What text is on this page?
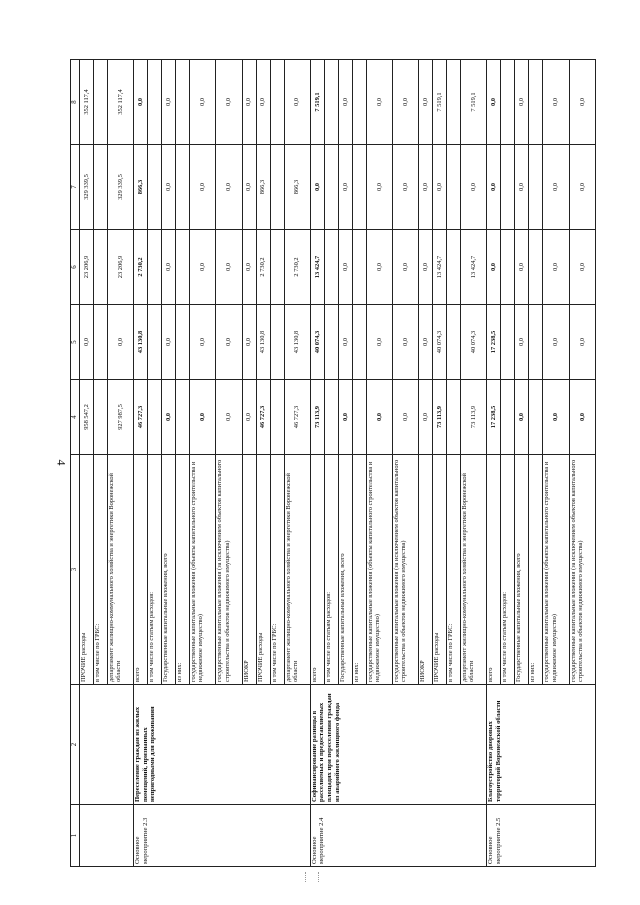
4
1	2	3	4	5	6	7	8
		ПРОЧИЕ расходы	958 547,2	0,0	23 206,9	329 339,5	352 117,4
		в том числе по ГРБС:					
		департамент жилищно-коммунального хозяйства и энергетики Воронежской области	927 987,5	0,0	23 206,9	329 339,5	352 117,4
Основное мероприятие 2.3	Переселение граждан из жилых помещений, признанных непригодными для проживания	всего	46 727,3	43 130,8	2 730,2	866,3	0,0
		в том числе по статьям расходов:					
		Государственные капитальные вложения, всего	0,0	0,0	0,0	0,0	0,0
		из них:					
		государственные капитальные вложения (объекты капитального строительства и недвижимое имущество)	0,0	0,0	0,0	0,0	0,0
		государственные капитальные вложения (за исключением объектов капитального строительства и объектов недвижимого имущества)	0,0	0,0	0,0	0,0	0,0
		НИОКР	0,0	0,0	0,0	0,0	0,0
		ПРОЧИЕ расходы	46 727,3	43 130,8	2 730,2	866,3	0,0
		в том числе по ГРБС:					
		департамент жилищно-коммунального хозяйства и энергетики Воронежской области	46 727,3	43 130,8	2 730,2	866,3	0,0
Основное мероприятие 2.4	Софинансирование разницы в расселяемых и предоставляемых площадях при переселении граждан из аварийного жилищного фонда	всего	73 113,9	40 074,3	13 424,7	0,0	7 519,1
		в том числе по статьям расходов:					
		Государственные капитальные вложения, всего	0,0	0,0	0,0	0,0	0,0
		из них:					
		государственные капитальные вложения (объекты капитального строительства и недвижимое имущество)	0,0	0,0	0,0	0,0	0,0
		государственные капитальные вложения (за исключением объектов капитального строительства и объектов недвижимого имущества)	0,0	0,0	0,0	0,0	0,0
		НИОКР	0,0	0,0	0,0	0,0	0,0
		ПРОЧИЕ расходы	73 113,9	40 074,3	13 424,7	0,0	7 519,1
		в том числе по ГРБС:					
		департамент жилищно-коммунального хозяйства и энергетики Воронежской области	73 113,9	40 074,3	13 424,7	0,0	7 519,1
Основное мероприятие 2.5	Благоустройство дворовых территорий Воронежской области	всего	17 238,5	17 238,5	0,0	0,0	0,0
		в том числе по статьям расходов:					
		Государственные капитальные вложения, всего	0,0	0,0	0,0	0,0	0,0
		из них:					
		государственные капитальные вложения (объекты капитального строительства и недвижимое имущество)	0,0	0,0	0,0	0,0	0,0
		государственные капитальные вложения (за исключением объектов капитального строительства и объектов недвижимого имущества)	0,0	0,0	0,0	0,0	0,0
